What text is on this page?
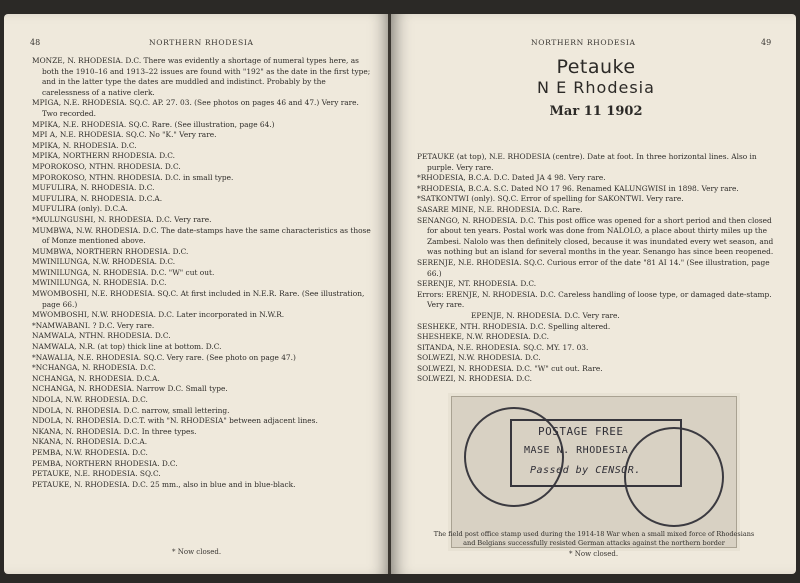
48	NORTHERN RHODESIA

MONZE, N. RHODESIA. D.C. There was evidently a shortage of numeral types here, as both the 1910–16 and 1913–22 issues are found with "192" as the date in the first type; and in the latter type the dates are muddled and indistinct. Probably by the carelessness of a native clerk.

MPIGA, N.E. RHODESIA. SQ.C. AP. 27. 03. (See photos on pages 46 and 47.) Very rare. Two recorded.

MPIKA, N.E. RHODESIA. SQ.C. Rare. (See illustration, page 64.)

MPI A, N.E. RHODESIA. SQ.C. No "K." Very rare.

MPIKA, N. RHODESIA. D.C.

MPIKA, NORTHERN RHODESIA. D.C.

MPOROKOSO, NTHN. RHODESIA. D.C.

MPOROKOSO, NTHN. RHODESIA. D.C. in small type.

MUFULIRA, N. RHODESIA. D.C.

MUFULIRA, N. RHODESIA. D.C.A.

MUFULIRA (only). D.C.A.

*MULUNGUSHI, N. RHODESIA. D.C. Very rare.

MUMBWA, N.W. RHODESIA. D.C. The date-stamps have the same characteristics as those of Monze mentioned above.

MUMBWA, NORTHERN RHODESIA. D.C.

MWINILUNGA, N.W. RHODESIA. D.C.

MWINILUNGA, N. RHODESIA. D.C. "W" cut out.

MWINILUNGA, N. RHODESIA. D.C.

MWOMBOSHI, N.E. RHODESIA. SQ.C. At first included in N.E.R. Rare. (See illustration, page 66.)

MWOMBOSHI, N.W. RHODESIA. D.C. Later incorporated in N.W.R.

*NAMWABANI. ? D.C. Very rare.

NAMWALA, NTHN. RHODESIA. D.C.

NAMWALA, N.R. (at top) thick line at bottom. D.C.

*NAWALIA, N.E. RHODESIA. SQ.C. Very rare. (See photo on page 47.)

*NCHANGA, N. RHODESIA. D.C.

NCHANGA, N. RHODESIA. D.C.A.

NCHANGA, N. RHODESIA. Narrow D.C. Small type.

NDOLA, N.W. RHODESIA. D.C.

NDOLA, N. RHODESIA. D.C. narrow, small lettering.

NDOLA, N. RHODESIA. D.C.T. with "N. RHODESIA" between adjacent lines.

NKANA, N. RHODESIA. D.C. In three types.

NKANA, N. RHODESIA. D.C.A.

PEMBA, N.W. RHODESIA. D.C.

PEMBA, NORTHERN RHODESIA. D.C.

PETAUKE, N.E. RHODESIA. SQ.C.

PETAUKE, N. RHODESIA. D.C. 25 mm., also in blue and in blue-black.

* Now closed.
NORTHERN RHODESIA	49
Petauke
N E Rhodesia
Mar 11 1902

PETAUKE (at top), N.E. RHODESIA (centre). Date at foot. In three horizontal lines. Also in purple. Very rare.

*RHODESIA, B.C.A. D.C. Dated JA 4 98. Very rare.

*RHODESIA, B.C.A. S.C. Dated NO 17 96. Renamed KALUNGWISI in 1898. Very rare.

*SATKONTWI (only). SQ.C. Error of spelling for SAKONTWI. Very rare.

SASARE MINE, N.E. RHODESIA. D.C. Rare.

SENANGO, N. RHODESIA. D.C. This post office was opened for a short period and then closed for about ten years. Postal work was done from NALOLO, a place about thirty miles up the Zambesi. Nalolo was then definitely closed, because it was inundated every wet season, and was nothing but an island for several months in the year. Senango has since been reopened.

SERENJE, N.E. RHODESIA. SQ.C. Curious error of the date "81 AI 14." (See illustration, page 66.)

SERENJE, NT. RHODESIA. D.C.

Errors: ERENJE, N. RHODESIA. D.C. Careless handling of loose type, or damaged date-stamp. Very rare.

EPENJE, N. RHODESIA. D.C. Very rare.

SESHEKE, NTH. RHODESIA. D.C. Spelling altered.

SHESHEKE, N.W. RHODESIA. D.C.

SITANDA, N.E. RHODESIA. SQ.C. MY. 17. 03.

SOLWEZI, N.W. RHODESIA. D.C.

SOLWEZI, N. RHODESIA. D.C. "W" cut out. Rare.

SOLWEZI, N. RHODESIA. D.C.

POSTAGE FREE
MASE N. RHODESIA
Passed by CENSOR.
The field post office stamp used during the 1914-18 War when a small mixed force of Rhodesians and Belgians successfully resisted German attacks against the northern border
* Now closed.
